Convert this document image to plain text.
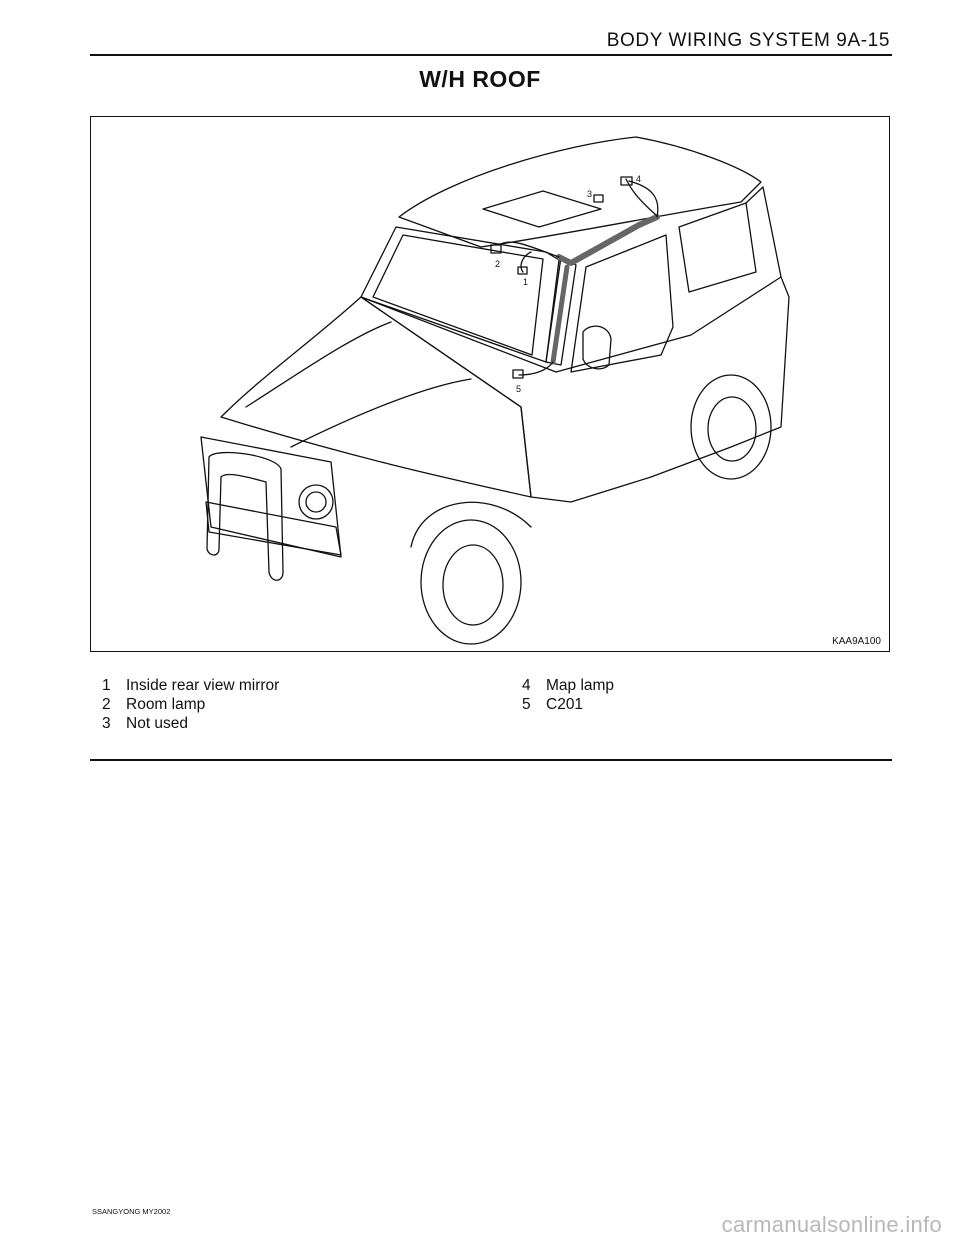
BODY WIRING SYSTEM 9A-15
W/H ROOF
1
2
3
4
5
KAA9A100
1 Inside rear view mirror
2 Room lamp
3 Not used
4 Map lamp
5 C201
SSANGYONG MY2002
carmanualsonline.info
